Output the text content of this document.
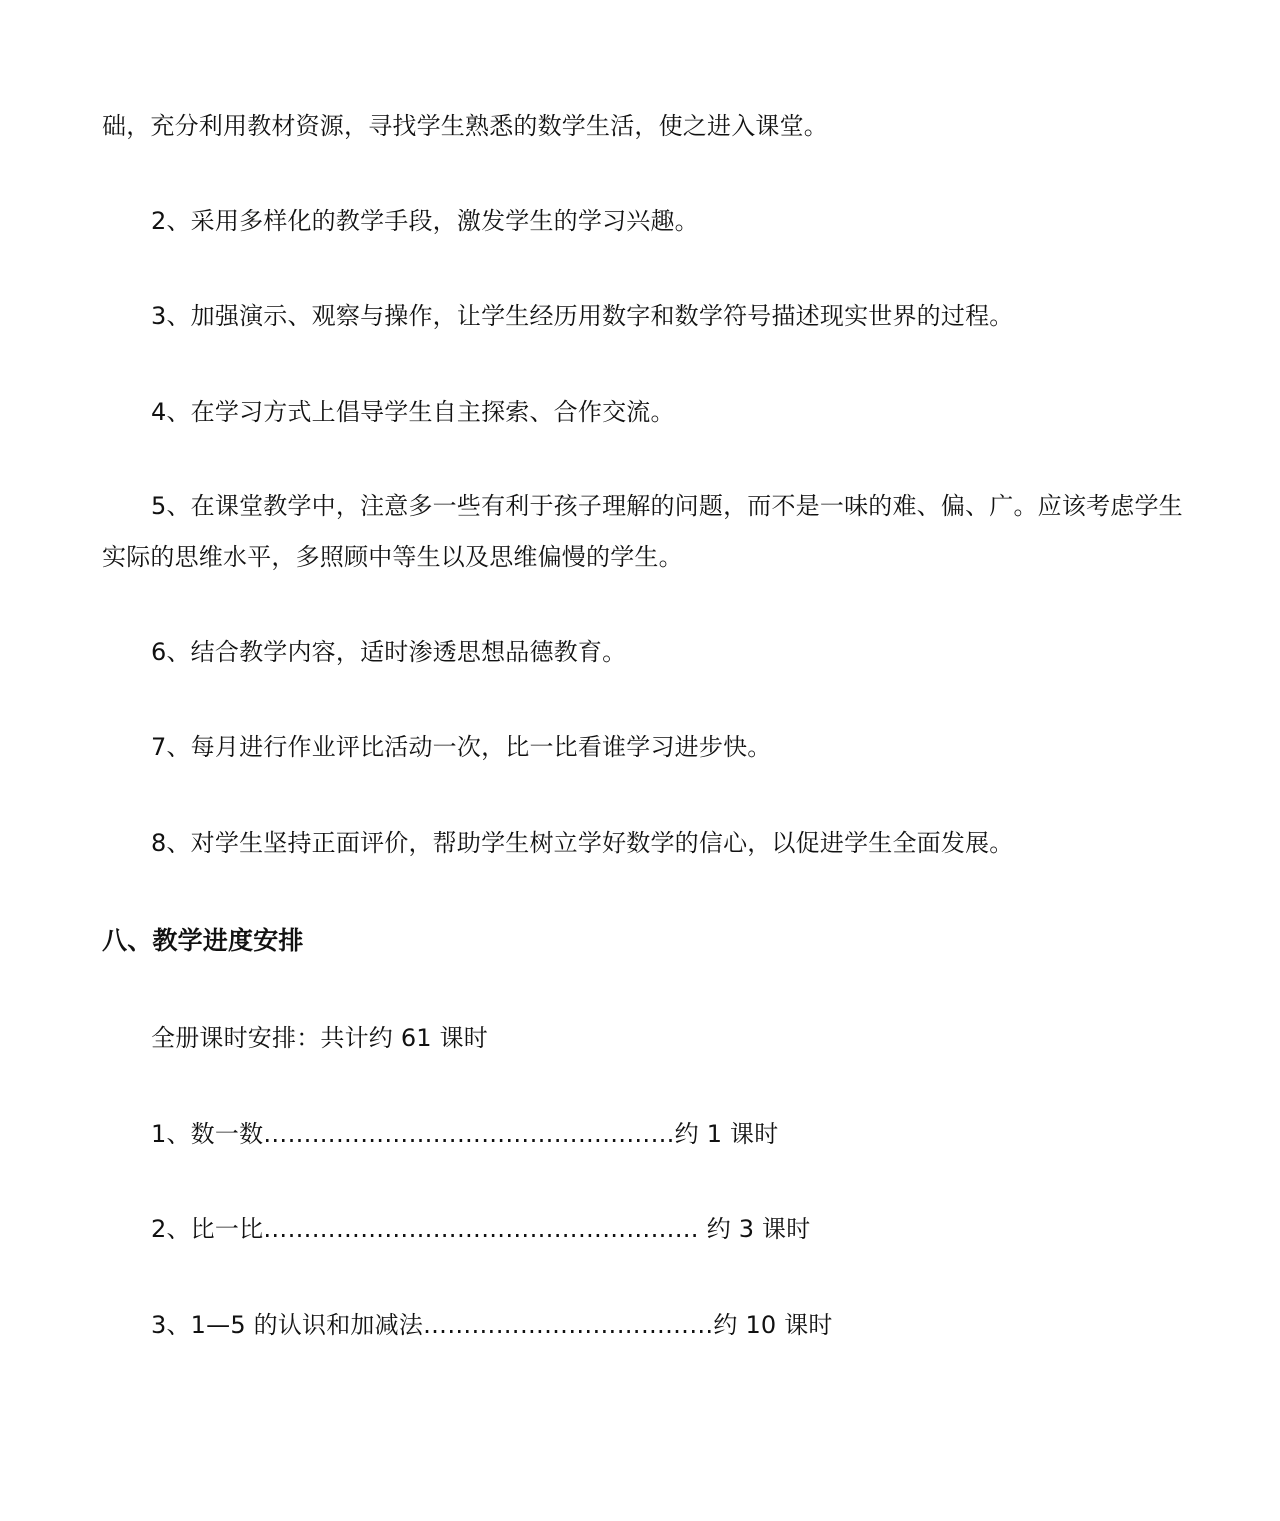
础，充分利用教材资源，寻找学生熟悉的数学生活，使之进入课堂。
2、采用多样化的教学手段，激发学生的学习兴趣。
3、加强演示、观察与操作，让学生经历用数字和数学符号描述现实世界的过程。
4、在学习方式上倡导学生自主探索、合作交流。
5、在课堂教学中，注意多一些有利于孩子理解的问题，而不是一味的难、偏、广。应该考虑学生
实际的思维水平，多照顾中等生以及思维偏慢的学生。
6、结合教学内容，适时渗透思想品德教育。
7、每月进行作业评比活动一次，比一比看谁学习进步快。
8、对学生坚持正面评价，帮助学生树立学好数学的信心，以促进学生全面发展。
八、教学进度安排
全册课时安排：共计约 61 课时
1、数一数……………………………………………约 1 课时
2、比一比……………………………………………… 约 3 课时
3、1—5 的认识和加减法………………………………约 10 课时
